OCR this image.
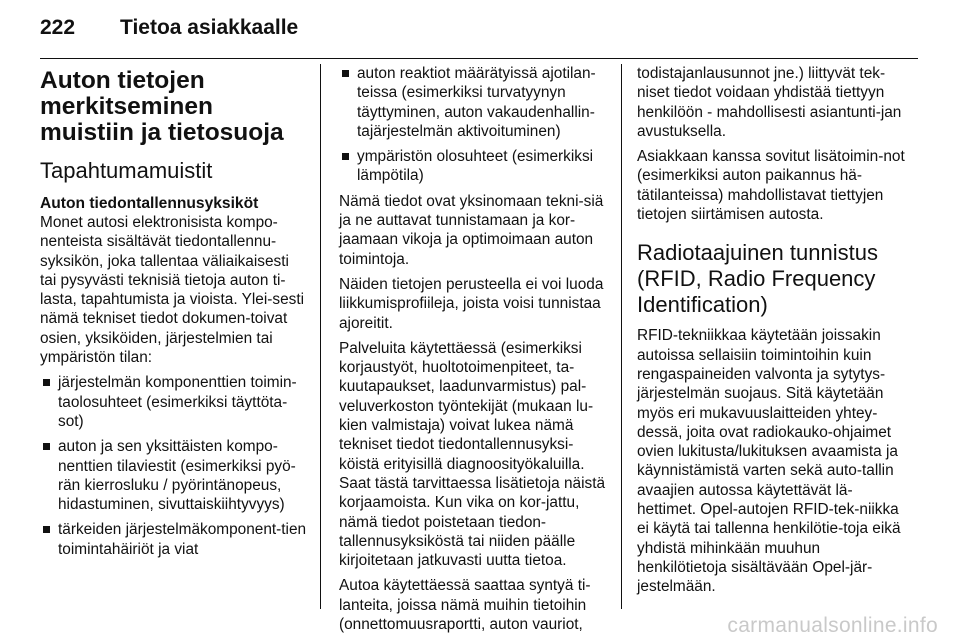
222 Tietoa asiakkaalle
Auton tietojen merkitseminen muistiin ja tietosuoja
Tapahtumamuistit
Auton tiedontallennusyksiköt

Monet autosi elektronisista kompo-nenteista sisältävät tiedontallennu-syksikön, joka tallentaa väliaikaisesti tai pysyvästi teknisiä tietoja auton ti-lasta, tapahtumista ja vioista. Ylei-sesti nämä tekniset tiedot dokumen-toivat osien, yksiköiden, järjestelmien tai ympäristön tilan:

järjestelmän komponenttien toimin-taolosuhteet (esimerkiksi täyttöta-sot)
auton ja sen yksittäisten kompo-nenttien tilaviestit (esimerkiksi pyö-rän kierrosluku / pyörintänopeus, hidastuminen, sivuttaiskiihtyvyys)
tärkeiden järjestelmäkomponent-tien toimintahäiriöt ja viat
auton reaktiot määrätyissä ajotilan-teissa (esimerkiksi turvatyynyn täyttyminen, auton vakaudenhallin-tajärjestelmän aktivoituminen)
ympäristön olosuhteet (esimerkiksi lämpötila)

Nämä tiedot ovat yksinomaan tekni-siä ja ne auttavat tunnistamaan ja kor-jaamaan vikoja ja optimoimaan auton toimintoja.

Näiden tietojen perusteella ei voi luoda liikkumisprofiileja, joista voisi tunnistaa ajoreitit.

Palveluita käytettäessä (esimerkiksi korjaustyöt, huoltotoimenpiteet, ta-kuutapaukset, laadunvarmistus) pal-veluverkoston työntekijät (mukaan lu-kien valmistaja) voivat lukea nämä tekniset tiedot tiedontallennusyksi-köistä erityisillä diagnoosityökaluilla. Saat tästä tarvittaessa lisätietoja näistä korjaamoista. Kun vika on kor-jattu, nämä tiedot poistetaan tiedon-tallennusyksiköstä tai niiden päälle kirjoitetaan jatkuvasti uutta tietoa.

Autoa käytettäessä saattaa syntyä ti-lanteita, joissa nämä muihin tietoihin (onnettomuusraportti, auton vauriot,

todistajanlausunnot jne.) liittyvät tek-niset tiedot voidaan yhdistää tiettyyn henkilöön - mahdollisesti asiantunti-jan avustuksella.

Asiakkaan kanssa sovitut lisätoimin-not (esimerkiksi auton paikannus hä-tätilanteissa) mahdollistavat tiettyjen tietojen siirtämisen autosta.

Radiotaajuinen tunnistus (RFID, Radio Frequency Identification)

RFID-tekniikkaa käytetään joissakin autoissa sellaisiin toimintoihin kuin rengaspaineiden valvonta ja sytytys-järjestelmän suojaus. Sitä käytetään myös eri mukavuuslaitteiden yhtey-dessä, joita ovat radiokauko-ohjaimet ovien lukitusta/lukituksen avaamista ja käynnistämistä varten sekä auto-tallin avaajien autossa käytettävät lä-hettimet. Opel-autojen RFID-tek-niikka ei käytä tai tallenna henkilötie-toja eikä yhdistä mihinkään muuhun henkilötietoja sisältävään Opel-jär-jestelmään.

carmanualsonline.info
